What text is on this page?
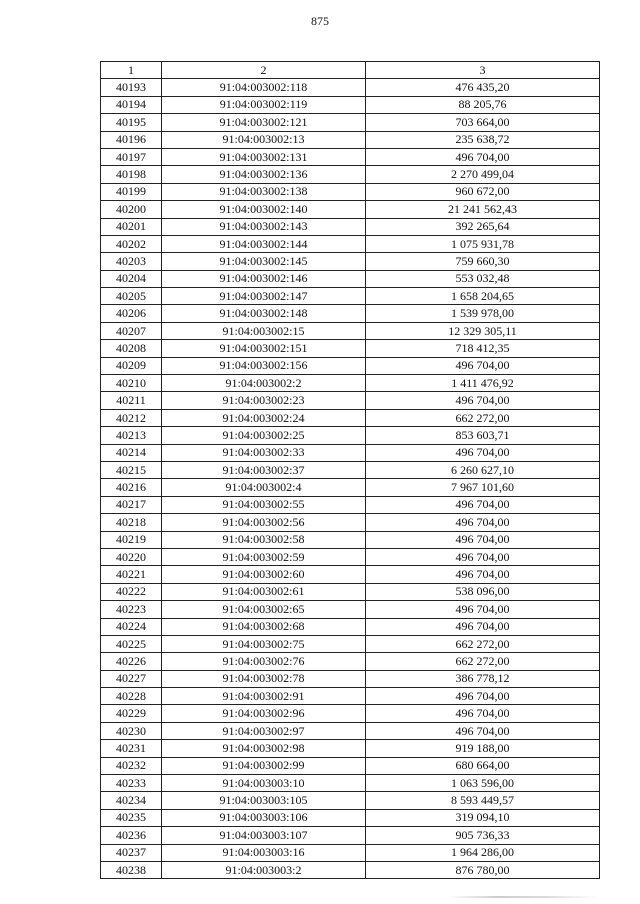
875
1	2	3
40193	91:04:003002:118	476 435,20
40194	91:04:003002:119	88 205,76
40195	91:04:003002:121	703 664,00
40196	91:04:003002:13	235 638,72
40197	91:04:003002:131	496 704,00
40198	91:04:003002:136	2 270 499,04
40199	91:04:003002:138	960 672,00
40200	91:04:003002:140	21 241 562,43
40201	91:04:003002:143	392 265,64
40202	91:04:003002:144	1 075 931,78
40203	91:04:003002:145	759 660,30
40204	91:04:003002:146	553 032,48
40205	91:04:003002:147	1 658 204,65
40206	91:04:003002:148	1 539 978,00
40207	91:04:003002:15	12 329 305,11
40208	91:04:003002:151	718 412,35
40209	91:04:003002:156	496 704,00
40210	91:04:003002:2	1 411 476,92
40211	91:04:003002:23	496 704,00
40212	91:04:003002:24	662 272,00
40213	91:04:003002:25	853 603,71
40214	91:04:003002:33	496 704,00
40215	91:04:003002:37	6 260 627,10
40216	91:04:003002:4	7 967 101,60
40217	91:04:003002:55	496 704,00
40218	91:04:003002:56	496 704,00
40219	91:04:003002:58	496 704,00
40220	91:04:003002:59	496 704,00
40221	91:04:003002:60	496 704,00
40222	91:04:003002:61	538 096,00
40223	91:04:003002:65	496 704,00
40224	91:04:003002:68	496 704,00
40225	91:04:003002:75	662 272,00
40226	91:04:003002:76	662 272,00
40227	91:04:003002:78	386 778,12
40228	91:04:003002:91	496 704,00
40229	91:04:003002:96	496 704,00
40230	91:04:003002:97	496 704,00
40231	91:04:003002:98	919 188,00
40232	91:04:003002:99	680 664,00
40233	91:04:003003:10	1 063 596,00
40234	91:04:003003:105	8 593 449,57
40235	91:04:003003:106	319 094,10
40236	91:04:003003:107	905 736,33
40237	91:04:003003:16	1 964 286,00
40238	91:04:003003:2	876 780,00
